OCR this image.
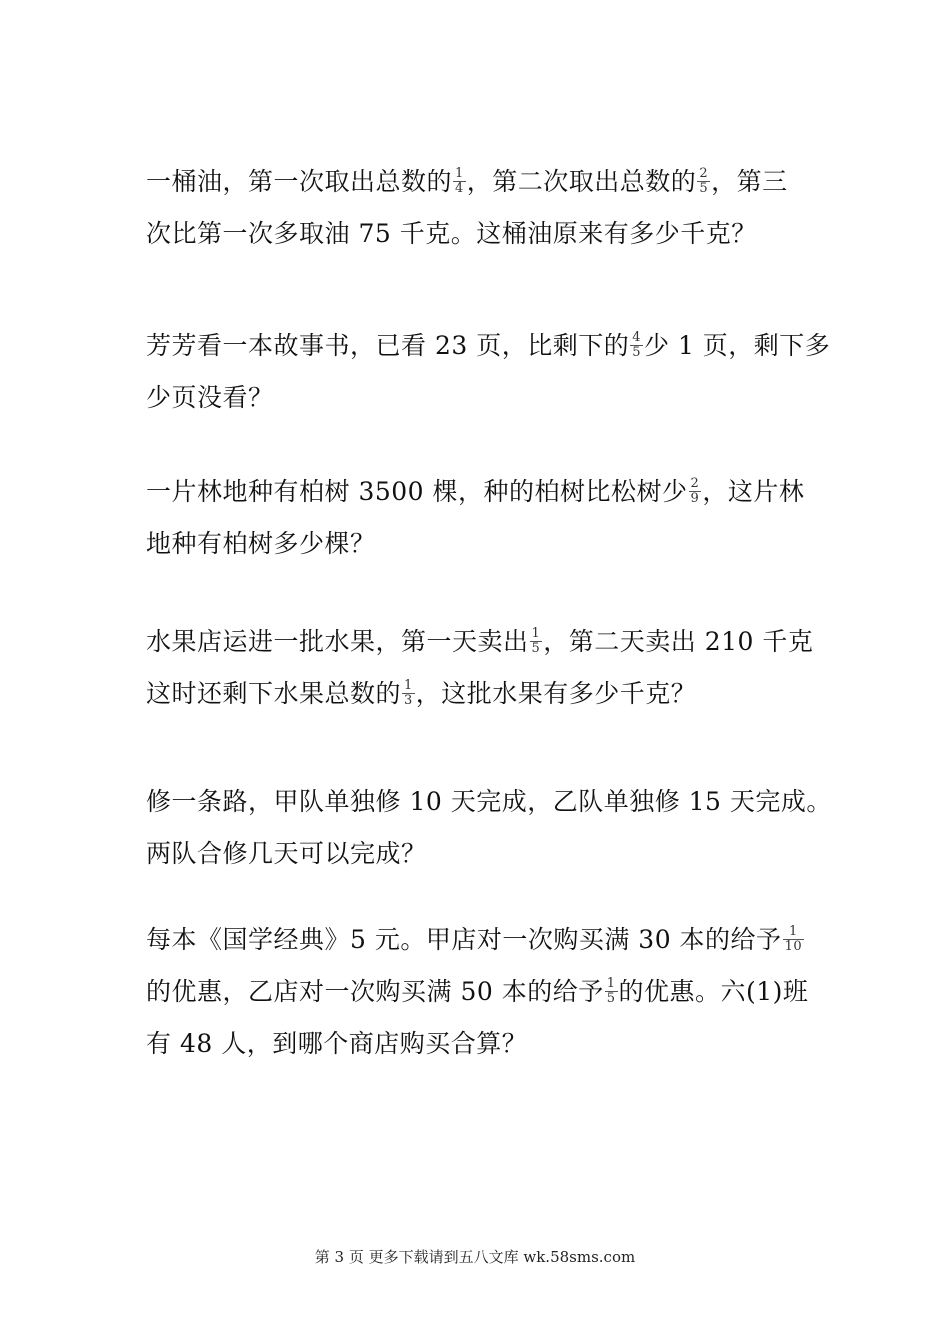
一桶油，第一次取出总数的 $\frac{1}{4}$ ，第二次取出总数的 $\frac{2}{5}$ ，第三
次比第一次多取油 75 千克。这桶油原来有多少千克？
芳芳看一本故事书，已看 23 页，比剩下的 $\frac{4}{5}$ 少 1 页，剩下多
少页没看？
一片林地种有柏树 3500 棵，种的柏树比松树少 $\frac{2}{9}$ ，这片林
地种有柏树多少棵？
水果店运进一批水果，第一天卖出 $\frac{1}{5}$ ，第二天卖出 210 千克
这时还剩下水果总数的 $\frac{1}{3}$ ，这批水果有多少千克？
修一条路，甲队单独修 10 天完成，乙队单独修 15 天完成。
两队合修几天可以完成？
每本《国学经典》5 元。甲店对一次购买满 30 本的给予 $\frac{1}{10}$
的优惠，乙店对一次购买满 50 本的给予 $\frac{1}{5}$ 的优惠。六(1)班
有 48 人，到哪个商店购买合算？
第 3 页 更多下载请到五八文库 wk.58sms.com
